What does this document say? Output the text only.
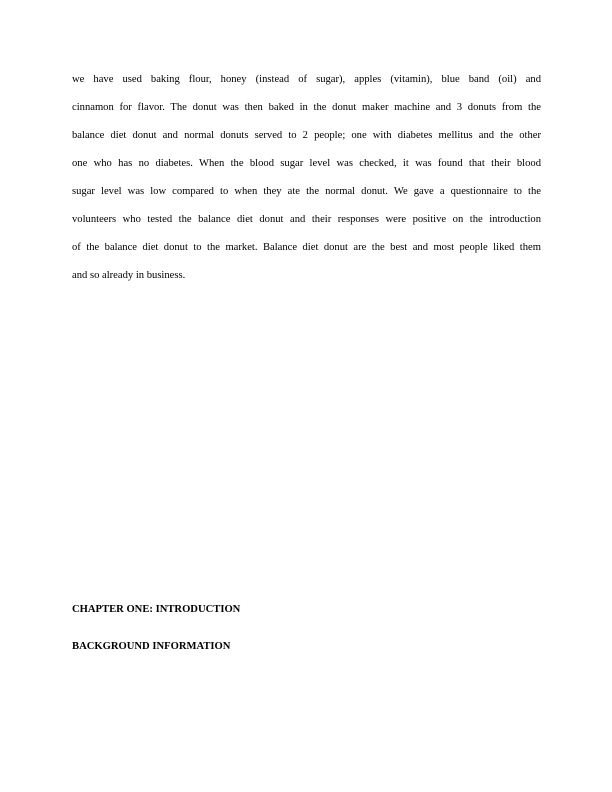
we have used baking flour, honey (instead of sugar), apples (vitamin), blue band (oil) and
cinnamon for flavor. The donut was then baked in the donut maker machine and 3 donuts from the
balance diet donut and normal donuts served to 2 people; one with diabetes mellitus and the other
one who has no diabetes. When the blood sugar level was checked, it was found that their blood
sugar level was low compared to when they ate the normal donut. We gave a questionnaire to the
volunteers who tested the balance diet donut and their responses were positive on the introduction
of the balance diet donut to the market. Balance diet donut are the best and most people liked them
and so already in business.
CHAPTER ONE: INTRODUCTION
BACKGROUND INFORMATION
